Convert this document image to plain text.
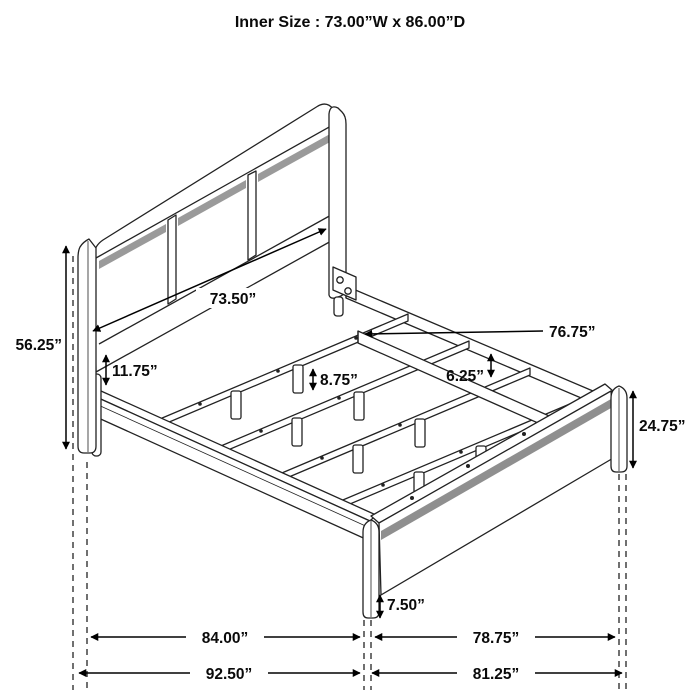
Inner Size : 73.00”W x 86.00”D
56.25”
11.75”
73.50”
76.75”
8.75”	6.25”
24.75”
7.50”
84.00”	78.75”
92.50”	81.25”
